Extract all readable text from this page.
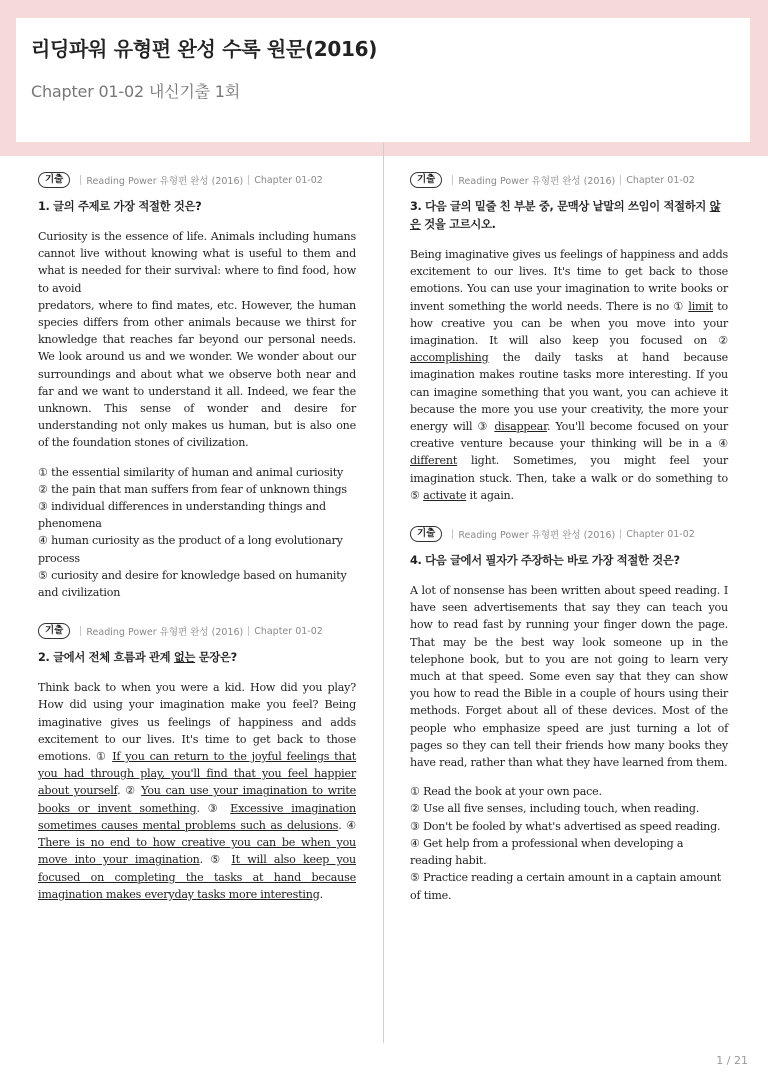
리딩파워 유형편 완성 수록 원문(2016)
Chapter 01-02 내신기출 1회
기출	Reading Power 유형편 완성 (2016) Chapter 01-02
1. 글의 주제로 가장 적절한 것은?
Curiosity is the essence of life. Animals including humans cannot live without knowing what is useful to them and what is needed for their survival: where to find food, how to avoid
predators, where to find mates, etc. However, the human species differs from other animals because we thirst for knowledge that reaches far beyond our personal needs. We look around us and we wonder. We wonder about our surroundings and about what we observe both near and far and we want to understand it all. Indeed, we fear the unknown. This sense of wonder and desire for understanding not only makes us human, but is also one of the foundation stones of civilization.
① the essential similarity of human and animal curiosity
② the pain that man suffers from fear of unknown things
③ individual differences in understanding things and phenomena
④ human curiosity as the product of a long evolutionary process
⑤ curiosity and desire for knowledge based on humanity and civilization
기출	Reading Power 유형편 완성 (2016) Chapter 01-02
2. 글에서 전체 흐름과 관계 없는 문장은?
Think back to when you were a kid. How did you play? How did using your imagination make you feel? Being imaginative gives us feelings of happiness and adds excitement to our lives. It's time to get back to those emotions. ① If you can return to the joyful feelings that you had through play, you'll find that you feel happier about yourself. ② You can use your imagination to write books or invent something. ③ Excessive imagination sometimes causes mental problems such as delusions. ④ There is no end to how creative you can be when you move into your imagination. ⑤ It will also keep you focused on completing the tasks at hand because imagination makes everyday tasks more interesting.
기출	Reading Power 유형편 완성 (2016) Chapter 01-02
3. 다음 글의 밑줄 친 부분 중, 문맥상 낱말의 쓰임이 적절하지 않은 것을 고르시오.
Being imaginative gives us feelings of happiness and adds excitement to our lives. It's time to get back to those emotions. You can use your imagination to write books or invent something the world needs. There is no ① limit to how creative you can be when you move into your imagination. It will also keep you focused on ② accomplishing the daily tasks at hand because imagination makes routine tasks more interesting. If you can imagine something that you want, you can achieve it because the more you use your creativity, the more your energy will ③ disappear. You'll become focused on your creative venture because your thinking will be in a ④ different light. Sometimes, you might feel your imagination stuck. Then, take a walk or do something to ⑤ activate it again.
기출	Reading Power 유형편 완성 (2016) Chapter 01-02
4. 다음 글에서 필자가 주장하는 바로 가장 적절한 것은?
A lot of nonsense has been written about speed reading. I have seen advertisements that say they can teach you how to read fast by running your finger down the page. That may be the best way look someone up in the telephone book, but to you are not going to learn very much at that speed. Some even say that they can show you how to read the Bible in a couple of hours using their methods. Forget about all of these devices. Most of the people who emphasize speed are just turning a lot of pages so they can tell their friends how many books they have read, rather than what they have learned from them.
① Read the book at your own pace.
② Use all five senses, including touch, when reading.
③ Don't be fooled by what's advertised as speed reading.
④ Get help from a professional when developing a reading habit.
⑤ Practice reading a certain amount in a captain amount of time.
1 / 21
